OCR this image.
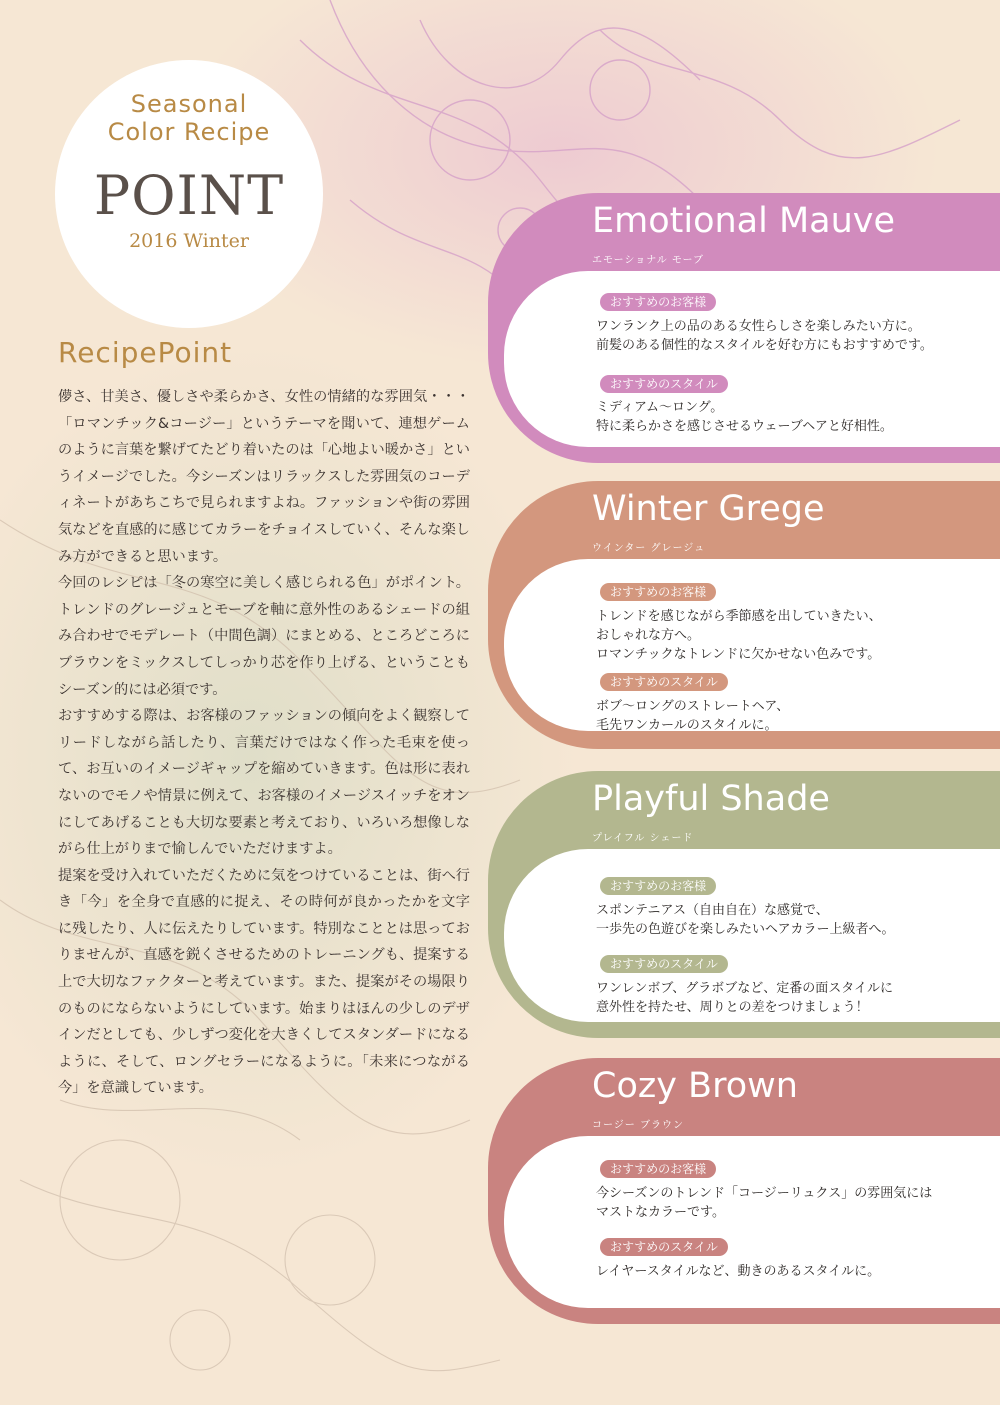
Seasonal
Color Recipe
POINT
2016 Winter
RecipePoint

儚さ、甘美さ、優しさや柔らかさ、女性の情緒的な雰囲気・・・「ロマンチック&コージー」というテーマを聞いて、連想ゲームのように言葉を繋げてたどり着いたのは「心地よい暖かさ」というイメージでした。今シーズンはリラックスした雰囲気のコーディネートがあちこちで見られますよね。ファッションや街の雰囲気などを直感的に感じてカラーをチョイスしていく、そんな楽しみ方ができると思います。

今回のレシピは「冬の寒空に美しく感じられる色」がポイント。トレンドのグレージュとモーブを軸に意外性のあるシェードの組み合わせでモデレート（中間色調）にまとめる、ところどころにブラウンをミックスしてしっかり芯を作り上げる、ということもシーズン的には必須です。

おすすめする際は、お客様のファッションの傾向をよく観察してリードしながら話したり、言葉だけではなく作った毛束を使って、お互いのイメージギャップを縮めていきます。色は形に表れないのでモノや情景に例えて、お客様のイメージスイッチをオンにしてあげることも大切な要素と考えており、いろいろ想像しながら仕上がりまで愉しんでいただけますよ。

提案を受け入れていただくために気をつけていることは、街へ行き「今」を全身で直感的に捉え、その時何が良かったかを文字に残したり、人に伝えたりしています。特別なこととは思っておりませんが、直感を鋭くさせるためのトレーニングも、提案する上で大切なファクターと考えています。また、提案がその場限りのものにならないようにしています。始まりはほんの少しのデザインだとしても、少しずつ変化を大きくしてスタンダードになるように、そして、ロングセラーになるように。「未来につながる今」を意識しています。

Emotional Mauve
エモーショナル モーブ
おすすめのお客様
ワンランク上の品のある女性らしさを楽しみたい方に。
前髪のある個性的なスタイルを好む方にもおすすめです。
おすすめのスタイル
ミディアム〜ロング。
特に柔らかさを感じさせるウェーブヘアと好相性。
Winter Grege
ウインター グレージュ
おすすめのお客様
トレンドを感じながら季節感を出していきたい、
おしゃれな方へ。
ロマンチックなトレンドに欠かせない色みです。
おすすめのスタイル
ボブ〜ロングのストレートヘア、
毛先ワンカールのスタイルに。
Playful Shade
プレイフル シェード
おすすめのお客様
スポンテニアス（自由自在）な感覚で、
一歩先の色遊びを楽しみたいヘアカラー上級者へ。
おすすめのスタイル
ワンレンボブ、グラボブなど、定番の面スタイルに
意外性を持たせ、周りとの差をつけましょう！
Cozy Brown
コージー ブラウン
おすすめのお客様
今シーズンのトレンド「コージーリュクス」の雰囲気には
マストなカラーです。
おすすめのスタイル
レイヤースタイルなど、動きのあるスタイルに。
